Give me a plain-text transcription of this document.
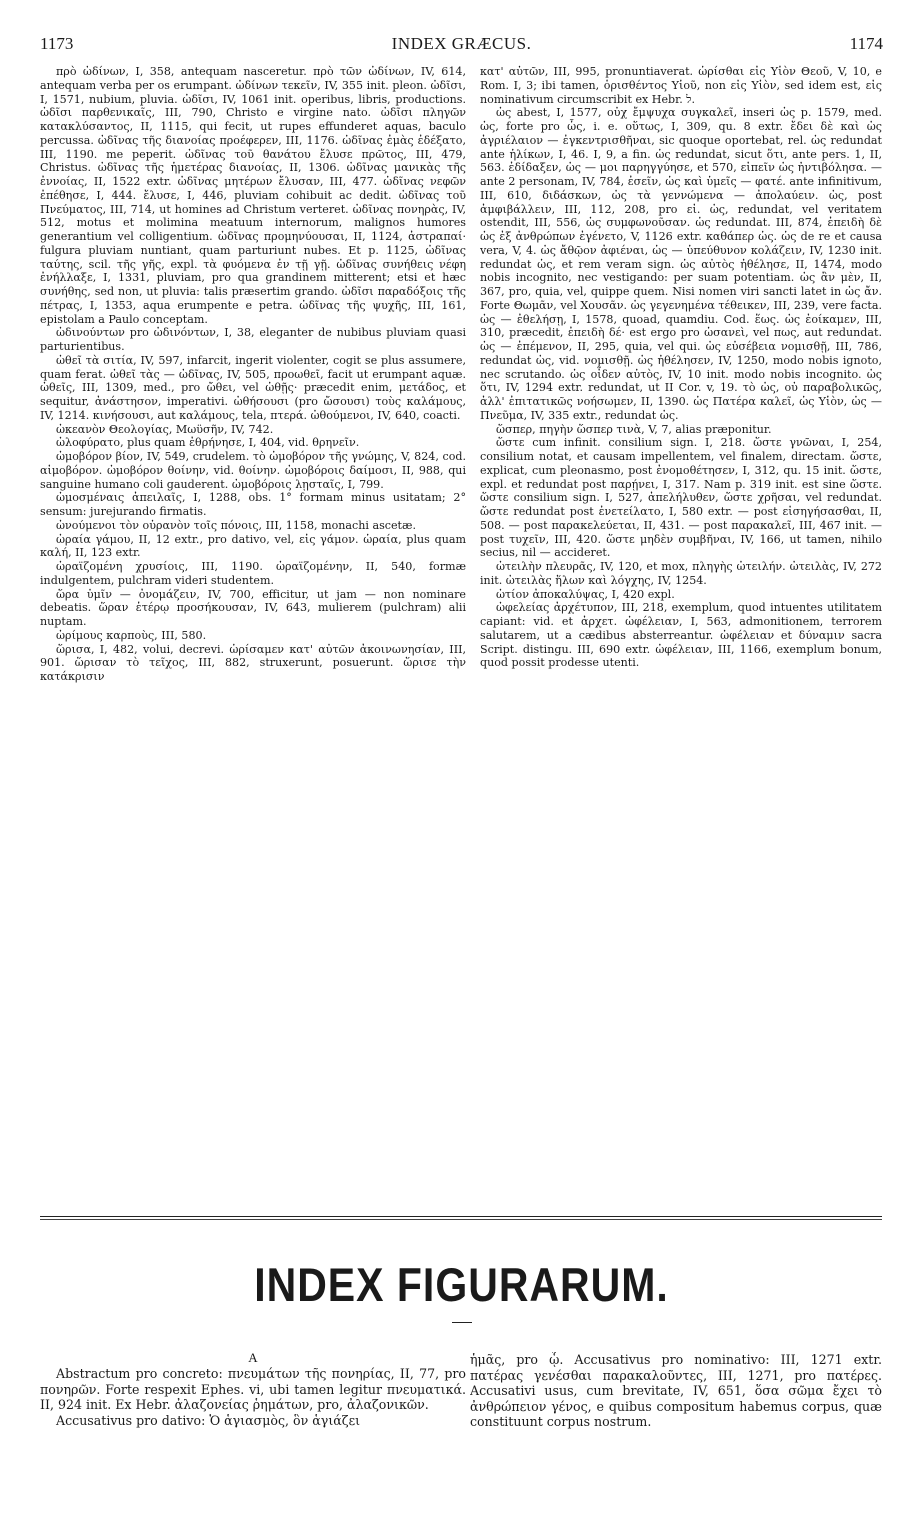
1173	INDEX GRÆCUS.	1174

πρὸ ὠδίνων, I, 358, antequam nasceretur. πρὸ τῶν ὠδίνων, IV, 614, antequam verba per os erumpant. ὠδίνων τεκεῖν, IV, 355 init. pleon. ὠδῖσι, I, 1571, nubium, pluvia. ὠδῖσι, IV, 1061 init. operibus, libris, productions. ὠδῖσι παρθενικαῖς, III, 790, Christo e virgine nato. ὠδῖσι πληγῶν κατακλύσαντος, II, 1115, qui fecit, ut rupes effunderet aquas, baculo percussa. ὠδῖνας τῆς διανοίας προέφερεν, III, 1176. ὠδῖνας ἐμὰς ἐδέξατο, III, 1190. me peperit. ὠδῖνας τοῦ θανάτου ἔλυσε πρῶτος, III, 479, Christus. ὠδῖνας τῆς ἡμετέρας διανοίας, II, 1306. ὠδῖνας μανικὰς τῆς ἐννοίας, II, 1522 extr. ὠδῖνας μητέρων ἔλυσαν, III, 477. ὠδῖνας νεφῶν ἐπέθησε, I, 444. ἔλυσε, I, 446, pluviam cohibuit ac dedit. ὠδῖνας τοῦ Πνεύματος, III, 714, ut homines ad Christum verteret. ὠδῖνας πονηρὰς, IV, 512, motus et molimina meatuum internorum, malignos humores generantium vel colligentium. ὠδῖνας προμηνύουσαι, II, 1124, ἀστραπαί· fulgura pluviam nuntiant, quam parturiunt nubes. Et p. 1125, ὠδῖνας ταύτης, scil. τῆς γῆς, expl. τὰ φυόμενα ἐν τῇ γῇ. ὠδῖνας συνήθεις νέφη ἐνήλλαξε, I, 1331, pluviam, pro qua grandinem mitterent; etsi et hæc συνήθης, sed non, ut pluvia: talis præsertim grando. ὠδῖσι παραδόξοις τῆς πέτρας, I, 1353, aqua erumpente e petra. ὠδῖνας τῆς ψυχῆς, III, 161, epistolam a Paulo conceptam.

ὠδινούντων pro ὠδινόντων, I, 38, eleganter de nubibus pluviam quasi parturientibus.

ὠθεῖ τὰ σιτία, IV, 597, infarcit, ingerit violenter, cogit se plus assumere, quam ferat. ὠθεῖ τὰς — ὠδῖνας, IV, 505, προωθεῖ, facit ut erumpant aquæ. ὠθεῖς, III, 1309, med., pro ὤθει, vel ὠθῇς· præcedit enim, μετάδος, et sequitur, ἀνάστησον, imperativi. ὠθήσουσι (pro ὤσουσι) τοὺς καλάμους, IV, 1214. κινήσουσι, aut καλάμους, tela, πτερά. ὠθούμενοι, IV, 640, coacti.

ὠκεανὸν Θεολογίας, Μωϋσῆν, IV, 742.

ὠλοφύρατο, plus quam ἐθρήνησε, I, 404, vid. θρηνεῖν.

ὠμοβόρον βίον, IV, 549, crudelem. τὸ ὠμοβόρον τῆς γνώμης, V, 824, cod. αἱμοβόρον. ὠμοβόρον θοίνην, vid. θοίνην. ὠμοβόροις δαίμοσι, II, 988, qui sanguine humano coli gauderent. ὠμοβόροις λῃσταῖς, I, 799.

ὠμοσμέναις ἀπειλαῖς, I, 1288, obs. 1° formam minus usitatam; 2° sensum: jurejurando firmatis.

ὠνούμενοι τὸν οὐρανὸν τοῖς πόνοις, III, 1158, monachi ascetæ.

ὡραία γάμου, II, 12 extr., pro dativo, vel, εἰς γάμον. ὡραία, plus quam καλή, II, 123 extr.

ὡραϊζομένη χρυσίοις, III, 1190. ὡραϊζομένην, II, 540, formæ indulgentem, pulchram videri studentem.

ὥρα ὑμῖν — ὀνομάζειν, IV, 700, efficitur, ut jam — non nominare debeatis. ὥραν ἑτέρῳ προσήκουσαν, IV, 643, mulierem (pulchram) alii nuptam.

ὡρίμους καρποὺς, III, 580.

ὥρισα, I, 482, volui, decrevi. ὡρίσαμεν κατ' αὐτῶν ἀκοινωνησίαν, III, 901. ὥρισαν τὸ τεῖχος, III, 882, struxerunt, posuerunt. ὥρισε τὴν κατάκρισιν

κατ' αὐτῶν, III, 995, pronuntiaverat. ὡρίσθαι εἰς Υἱὸν Θεοῦ, V, 10, e Rom. I, 3; ibi tamen, ὁρισθέντος Υἱοῦ, non εἰς Υἱὸν, sed idem est, εἰς nominativum circumscribit ex Hebr. ל.

ὡς abest, I, 1577, οὐχ ἔμψυχα συγκαλεῖ, inseri ὡς p. 1579, med. ὡς, forte pro ὧς, i. e. οὕτως, I, 309, qu. 8 extr. ἔδει δὲ καὶ ὡς ἀγριέλαιον — ἐγκεντρισθῆναι, sic quoque oportebat, rel. ὡς redundat ante ἡλίκων, I, 46. I, 9, a fin. ὡς redundat, sicut ὅτι, ante pers. 1, II, 563. ἐδίδαξεν, ὡς — μοι παρηγγύησε, et 570, εἰπεῖν ὡς ἠντιβόλησα. — ante 2 personam, IV, 784, ἐσεῖν, ὡς καὶ ὑμεῖς — φατέ. ante infinitivum, III, 610, διδάσκων, ὡς τὰ γεννώμενα — ἀπολαύειν. ὡς, post ἀμφιβάλλειν, III, 112, 208, pro εἰ. ὡς, redundat, vel veritatem ostendit, III, 556, ὡς συμφωνοῦσαν. ὡς redundat. III, 874, ἐπειδὴ δὲ ὡς ἐξ ἀνθρώπων ἐγένετο, V, 1126 extr. καθάπερ ὡς. ὡς de re et causa vera, V, 4. ὡς ἄθῷον ἀφιέναι, ὡς — ὑπεύθυνον κολάζειν, IV, 1230 init. redundat ὡς, et rem veram sign. ὡς αὐτὸς ἠθέλησε, II, 1474, modo nobis incognito, nec vestigando: per suam potentiam. ὡς ἂν μὲν, II, 367, pro, quia, vel, quippe quem. Nisi nomen viri sancti latet in ὡς ἄν. Forte Θωμᾶν, vel Χουσᾶν. ὡς γεγενημένα τέθεικεν, III, 239, vere facta. ὡς — ἐθελήσῃ, I, 1578, quoad, quamdiu. Cod. ἕως. ὡς ἐοίκαμεν, III, 310, præcedit, ἐπειδὴ δέ· est ergo pro ὡσανεὶ, vel πως, aut redundat. ὡς — ἐπέμενον, II, 295, quia, vel qui. ὡς εὐσέβεια νομισθῇ, III, 786, redundat ὡς, vid. νομισθῇ. ὡς ἠθέλησεν, IV, 1250, modo nobis ignoto, nec scrutando. ὡς οἶδεν αὐτὸς, IV, 10 init. modo nobis incognito. ὡς ὅτι, IV, 1294 extr. redundat, ut II Cor. v, 19. τὸ ὡς, οὐ παραβολικῶς, ἀλλ' ἐπιτατικῶς νοήσωμεν, II, 1390. ὡς Πατέρα καλεῖ, ὡς Υἱὸν, ὡς — Πνεῦμα, IV, 335 extr., redundat ὡς.

ὥσπερ, πηγὴν ὥσπερ τινὰ, V, 7, alias præponitur.

ὥστε cum infinit. consilium sign. I, 218. ὥστε γνῶναι, I, 254, consilium notat, et causam impellentem, vel finalem, directam. ὥστε, explicat, cum pleonasmo, post ἐνομοθέτησεν, I, 312, qu. 15 init. ὥστε, expl. et redundat post παρῄνει, I, 317. Nam p. 319 init. est sine ὥστε. ὥστε consilium sign. I, 527, ἀπελήλυθεν, ὥστε χρῆσαι, vel redundat. ὥστε redundat post ἐνετείλατο, I, 580 extr. — post εἰσηγήσασθαι, II, 508. — post παρακελεύεται, II, 431. — post παρακαλεῖ, III, 467 init. — post τυχεῖν, III, 420. ὥστε μηδὲν συμβῆναι, IV, 166, ut tamen, nihilo secius, nil — accideret.

ὠτειλὴν πλευρᾶς, IV, 120, et mox, πληγὴς ὠτειλήν. ὠτειλὰς, IV, 272 init. ὠτειλὰς ἥλων καὶ λόγχης, IV, 1254.

ὠτίον ἀποκαλύψας, I, 420 expl.

ὠφελείας ἀρχέτυπον, III, 218, exemplum, quod intuentes utilitatem capiant: vid. et ἀρχετ. ὠφέλειαν, I, 563, admonitionem, terrorem salutarem, ut a cædibus absterreantur. ὠφέλειαν et δύναμιν sacra Script. distingu. III, 690 extr. ὠφέλειαν, III, 1166, exemplum bonum, quod possit prodesse utenti.

INDEX FIGURARUM.
A

Abstractum pro concreto: πνευμάτων τῆς πονηρίας, II, 77, pro πονηρῶν. Forte respexit Ephes. vi, ubi tamen legitur πνευματικά. II, 924 init. Ex Hebr. ἀλαζονείας ῥημάτων, pro, ἀλαζονικῶν.

Accusativus pro dativo: Ὁ ἁγιασμὸς, ὃν ἁγιάζει

ἡμᾶς, pro ᾧ. Accusativus pro nominativo: III, 1271 extr. πατέρας γενέσθαι παρακαλοῦντες, III, 1271, pro πατέρες. Accusativi usus, cum brevitate, IV, 651, ὅσα σῶμα ἔχει τὸ ἀνθρώπειον γένος, e quibus compositum habemus corpus, quæ constituunt corpus nostrum.
